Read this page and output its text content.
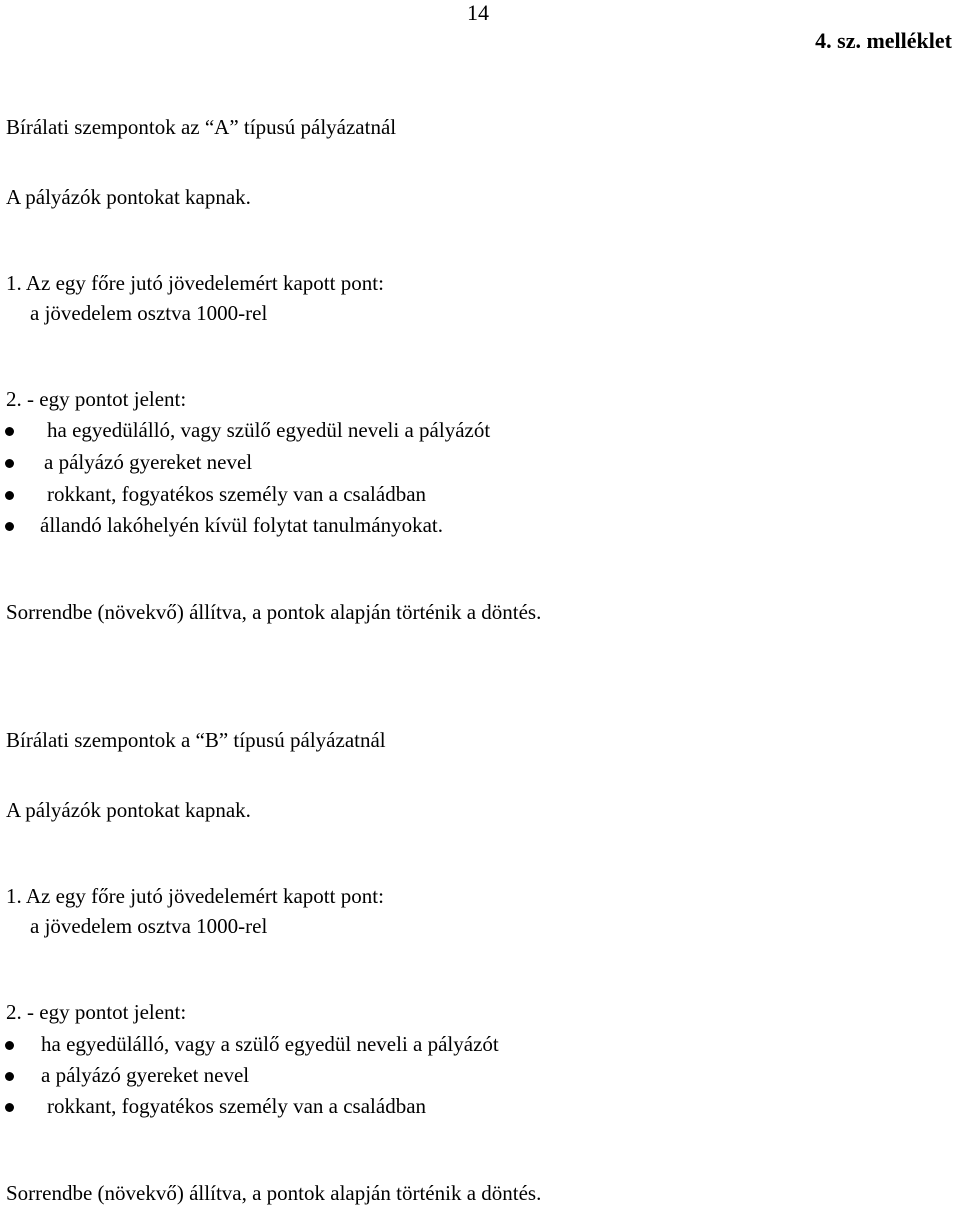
14
4. sz. melléklet
Bírálati szempontok az “A” típusú pályázatnál
A pályázók pontokat kapnak.
1. Az egy főre jutó jövedelemért kapott pont:
a jövedelem osztva 1000-rel
2. - egy pontot jelent:
ha egyedülálló, vagy szülő egyedül neveli a pályázót
a pályázó gyereket nevel
rokkant, fogyatékos személy van a családban
állandó lakóhelyén kívül folytat tanulmányokat.
Sorrendbe (növekvő) állítva, a pontok alapján történik a döntés.
Bírálati szempontok a “B” típusú pályázatnál
A pályázók pontokat kapnak.
1. Az egy főre jutó jövedelemért kapott pont:
a jövedelem osztva 1000-rel
2. - egy pontot jelent:
ha egyedülálló, vagy a szülő egyedül neveli a pályázót
a pályázó gyereket nevel
rokkant, fogyatékos személy van a családban
Sorrendbe (növekvő) állítva, a pontok alapján történik a döntés.
